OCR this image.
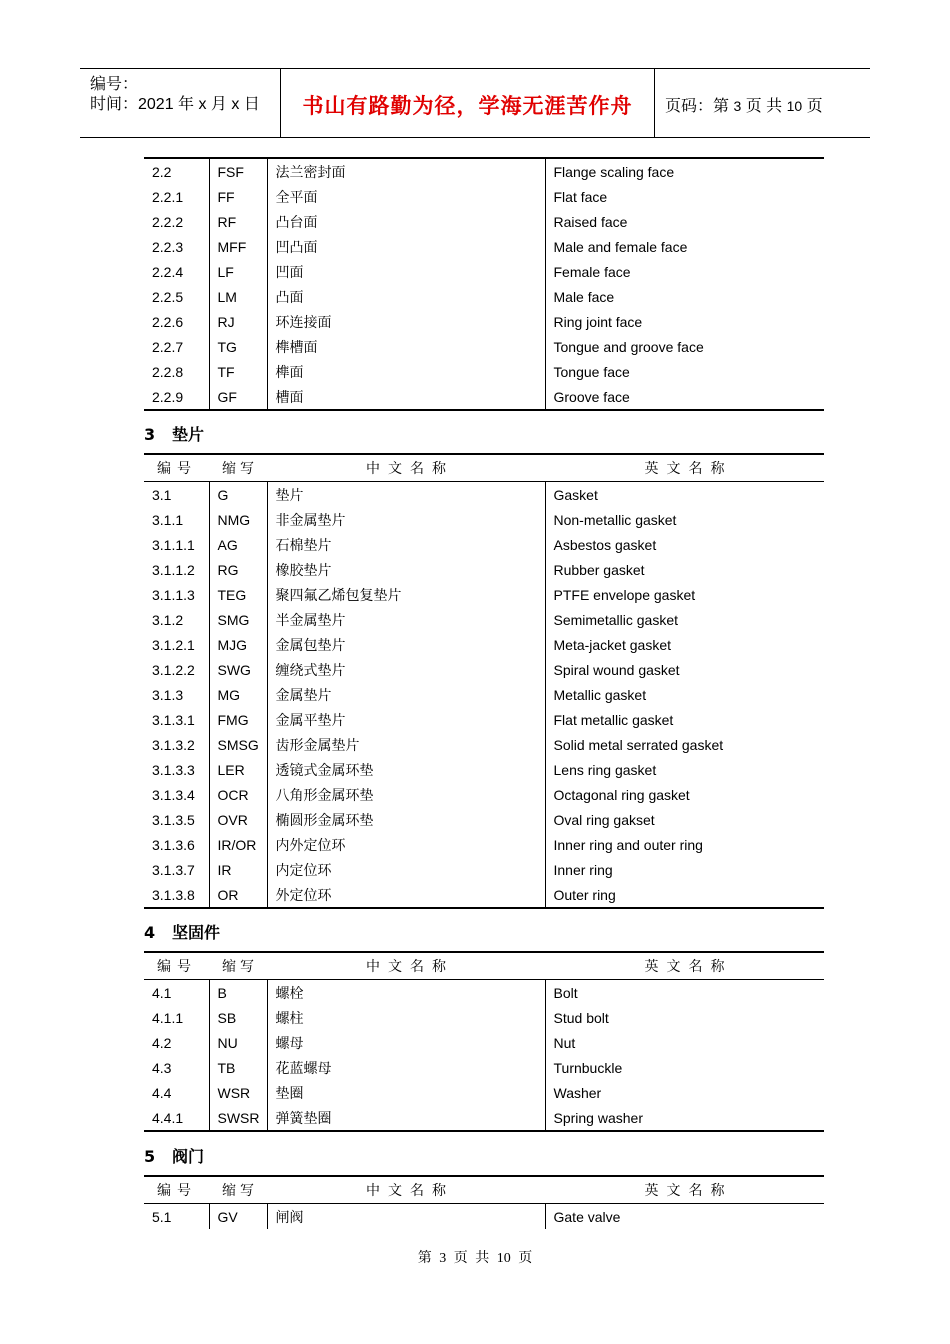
编号：
时间：2021 年 x 月 x 日	书山有路勤为径，学海无涯苦作舟	页码：第 3 页 共 10 页
2.2	FSF	法兰密封面	Flange scaling face
2.2.1	FF	全平面	Flat face
2.2.2	RF	凸台面	Raised face
2.2.3	MFF	凹凸面	Male and female face
2.2.4	LF	凹面	Female face
2.2.5	LM	凸面	Male face
2.2.6	RJ	环连接面	Ring joint face
2.2.7	TG	榫槽面	Tongue and groove face
2.2.8	TF	榫面	Tongue face
2.2.9	GF	槽面	Groove face
3 垫片
编号	缩写	中文名称	英文名称
3.1	G	垫片	Gasket
3.1.1	NMG	非金属垫片	Non-metallic gasket
3.1.1.1	AG	石棉垫片	Asbestos gasket
3.1.1.2	RG	橡胶垫片	Rubber gasket
3.1.1.3	TEG	聚四氟乙烯包复垫片	PTFE envelope gasket
3.1.2	SMG	半金属垫片	Semimetallic gasket
3.1.2.1	MJG	金属包垫片	Meta-jacket gasket
3.1.2.2	SWG	缠绕式垫片	Spiral wound gasket
3.1.3	MG	金属垫片	Metallic gasket
3.1.3.1	FMG	金属平垫片	Flat metallic gasket
3.1.3.2	SMSG	齿形金属垫片	Solid metal serrated gasket
3.1.3.3	LER	透镜式金属环垫	Lens ring gasket
3.1.3.4	OCR	八角形金属环垫	Octagonal ring gasket
3.1.3.5	OVR	椭圆形金属环垫	Oval ring gakset
3.1.3.6	IR/OR	内外定位环	Inner ring and outer ring
3.1.3.7	IR	内定位环	Inner ring
3.1.3.8	OR	外定位环	Outer ring
4 坚固件
编号	缩写	中文名称	英文名称
4.1	B	螺栓	Bolt
4.1.1	SB	螺柱	Stud bolt
4.2	NU	螺母	Nut
4.3	TB	花蓝螺母	Turnbuckle
4.4	WSR	垫圈	Washer
4.4.1	SWSR	弹簧垫圈	Spring washer
5 阀门
编号	缩写	中文名称	英文名称
5.1	GV	闸阀	Gate valve
第 3 页 共 10 页
